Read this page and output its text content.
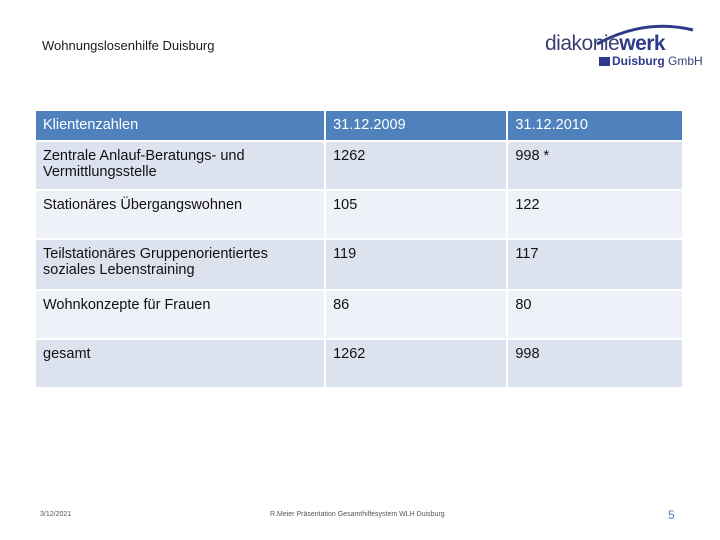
Wohnungslosenhilfe Duisburg	diakoniewerk
Duisburg GmbH
Klientenzahlen	31.12.2009	31.12.2010
Zentrale Anlauf-Beratungs- und Vermittlungsstelle	1262	998 *
Stationäres Übergangswohnen	105	122
Teilstationäres Gruppenorientiertes soziales Lebenstraining	119	117
Wohnkonzepte für Frauen	86	80
gesamt	1262	998
3/12/2021	R.Meier Präsentation Gesamthilfesystem WLH Duisburg	5
